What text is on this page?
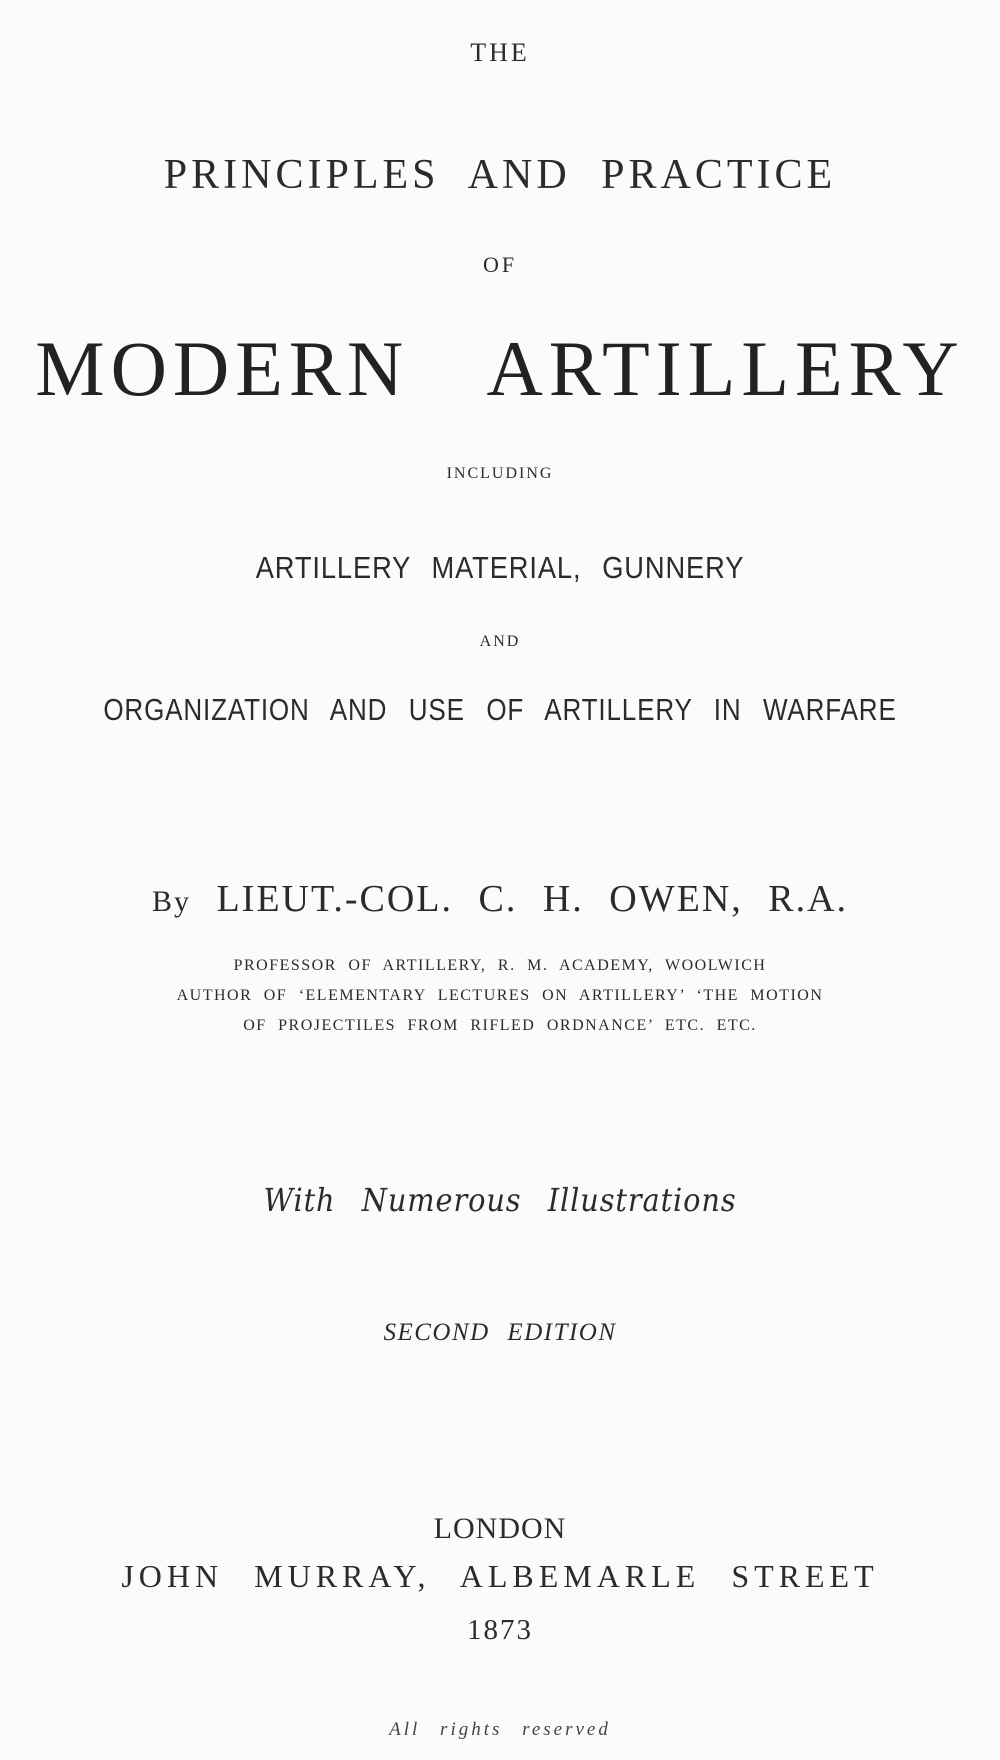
THE
PRINCIPLES AND PRACTICE
OF
MODERN ARTILLERY
INCLUDING
ARTILLERY MATERIAL, GUNNERY
AND
ORGANIZATION AND USE OF ARTILLERY IN WARFARE
By LIEUT.-COL. C. H. OWEN, R.A.
PROFESSOR OF ARTILLERY, R. M. ACADEMY, WOOLWICH
AUTHOR OF ‘ELEMENTARY LECTURES ON ARTILLERY’ ‘THE MOTION
OF PROJECTILES FROM RIFLED ORDNANCE’ ETC. ETC.
With Numerous Illustrations
SECOND EDITION
LONDON
JOHN MURRAY, ALBEMARLE STREET
1873
All rights reserved
